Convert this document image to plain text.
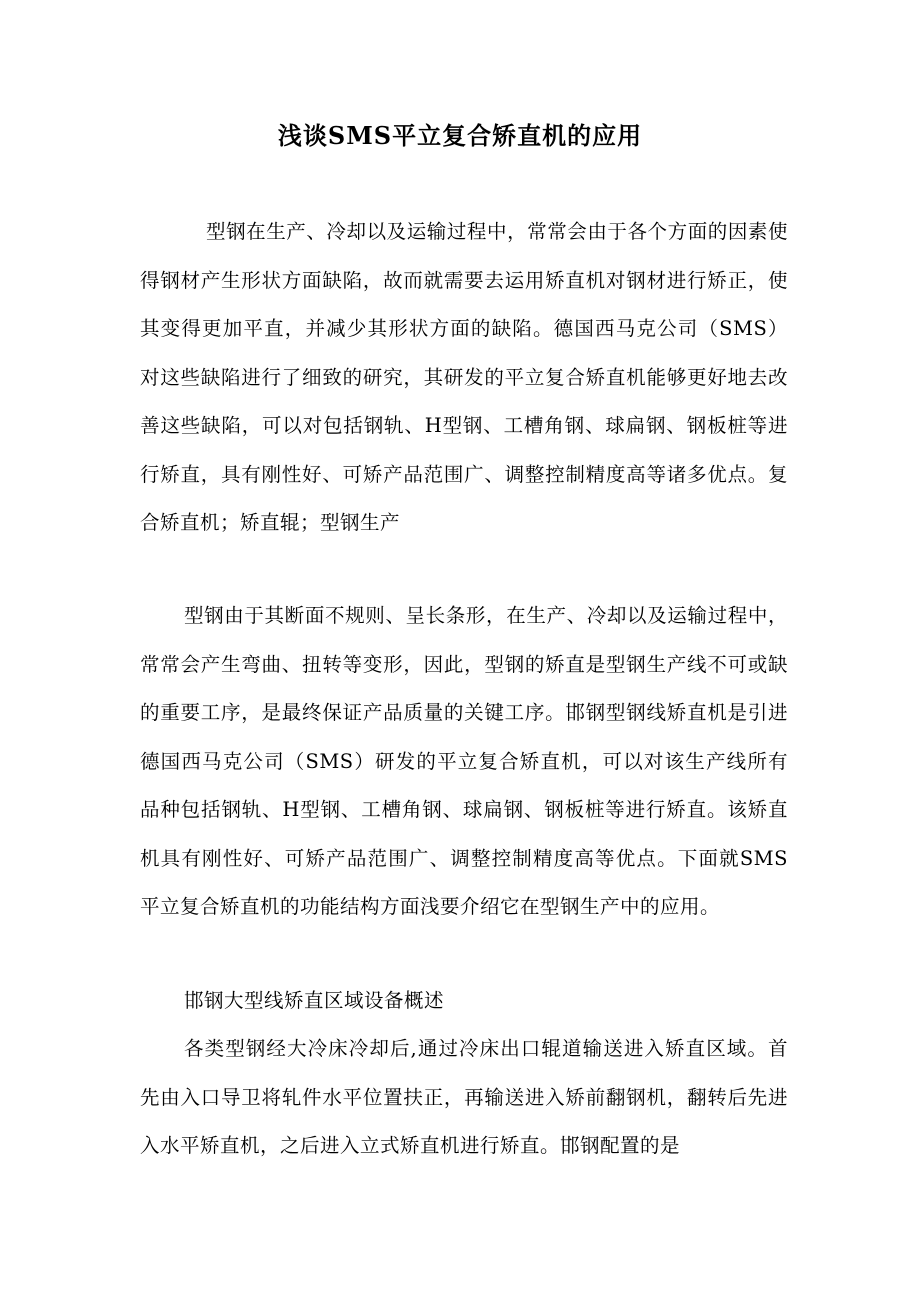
浅谈SMS平立复合矫直机的应用

型钢在生产、冷却以及运输过程中，常常会由于各个方面的因素使得钢材产生形状方面缺陷，故而就需要去运用矫直机对钢材进行矫正，使其变得更加平直，并减少其形状方面的缺陷。德国西马克公司（SMS）对这些缺陷进行了细致的研究，其研发的平立复合矫直机能够更好地去改善这些缺陷，可以对包括钢轨、H型钢、工槽角钢、球扁钢、钢板桩等进行矫直，具有刚性好、可矫产品范围广、调整控制精度高等诸多优点。复合矫直机；矫直辊；型钢生产

型钢由于其断面不规则、呈长条形，在生产、冷却以及运输过程中，常常会产生弯曲、扭转等变形，因此，型钢的矫直是型钢生产线不可或缺的重要工序，是最终保证产品质量的关键工序。邯钢型钢线矫直机是引进德国西马克公司（SMS）研发的平立复合矫直机，可以对该生产线所有品种包括钢轨、H型钢、工槽角钢、球扁钢、钢板桩等进行矫直。该矫直机具有刚性好、可矫产品范围广、调整控制精度高等优点。下面就SMS平立复合矫直机的功能结构方面浅要介绍它在型钢生产中的应用。

邯钢大型线矫直区域设备概述

各类型钢经大冷床冷却后,通过冷床出口辊道输送进入矫直区域。首先由入口导卫将轧件水平位置扶正，再输送进入矫前翻钢机，翻转后先进入水平矫直机，之后进入立式矫直机进行矫直。邯钢配置的是
